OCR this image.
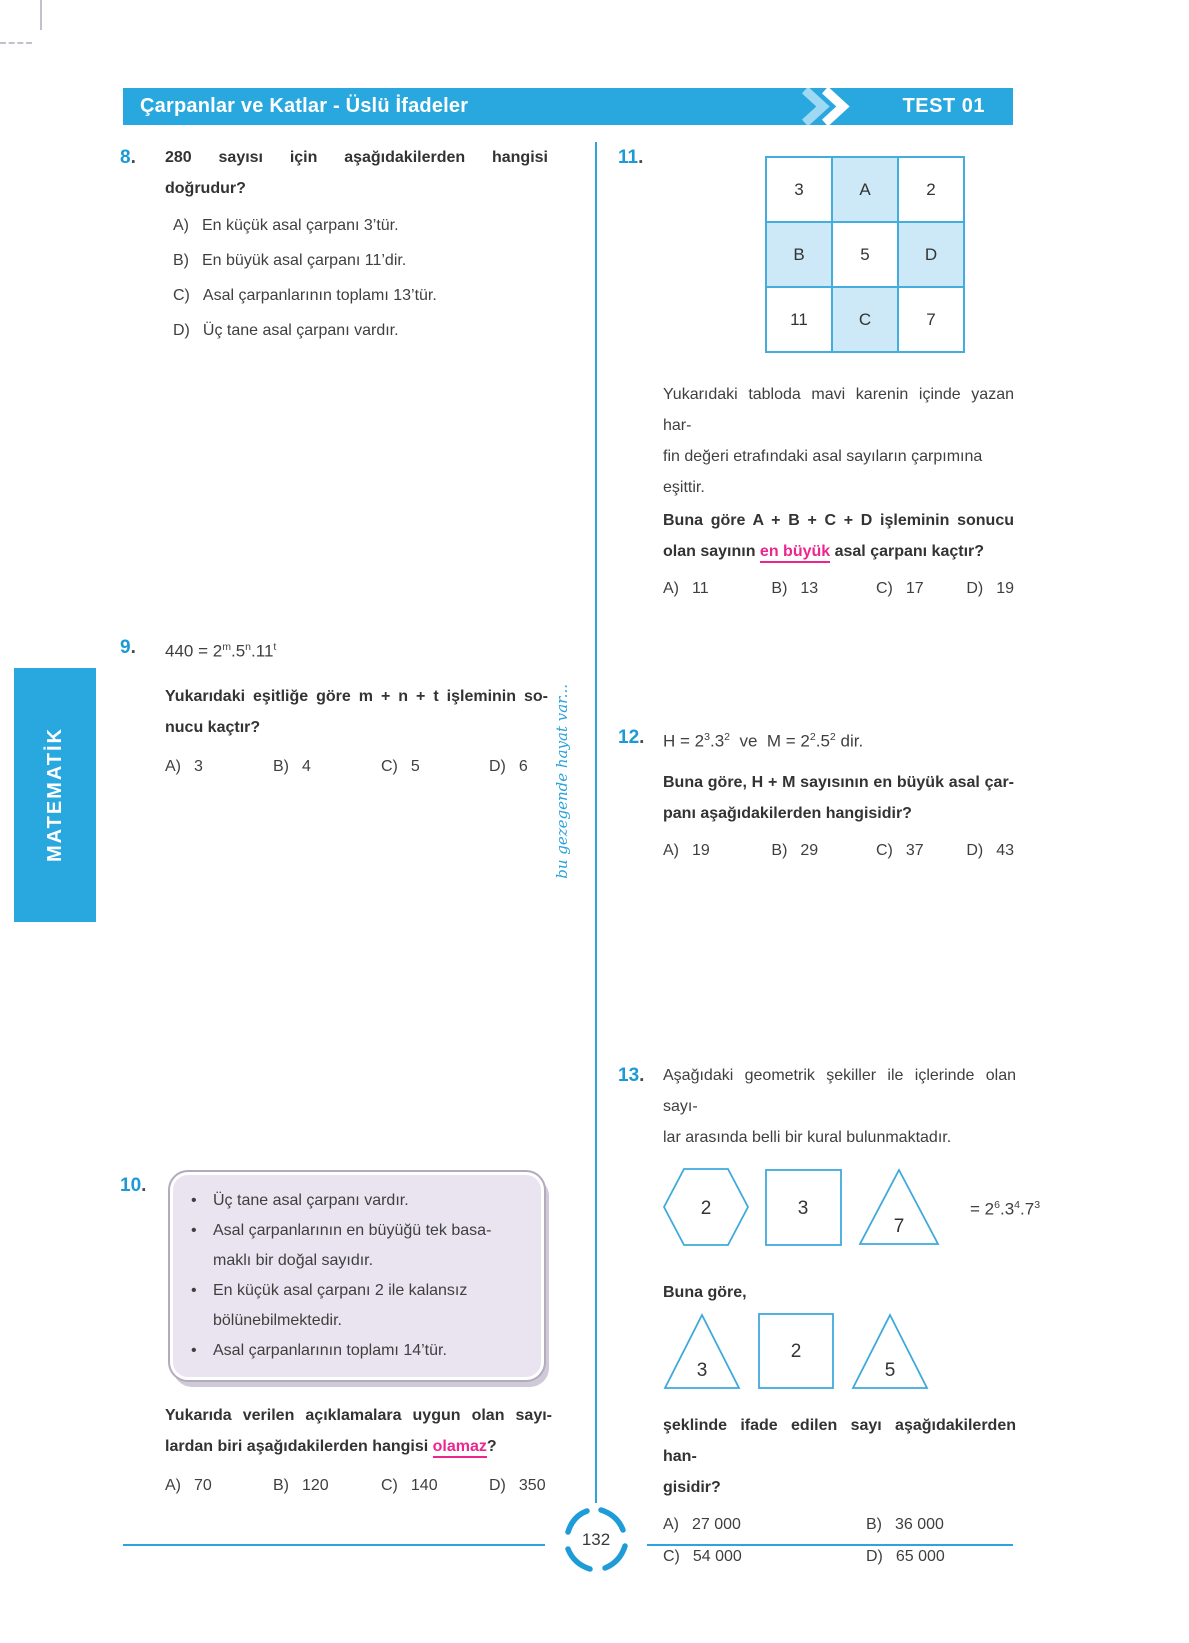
Çarpanlar ve Katlar - Üslü İfadeler	TEST 01
MATEMATİK	bu gezegende hayat var...
8. 280 sayısı için aşağıdakilerden hangisi
doğrudur?
A) En küçük asal çarpanı 3’tür.
B) En büyük asal çarpanı 11’dir.
C) Asal çarpanlarının toplamı 13’tür.
D) Üç tane asal çarpanı vardır.
9. $440 = 2^m.5^n.11^t$
Yukarıdaki eşitliğe göre m + n + t işleminin so-
nucu kaçtır?
A) 3	B) 4	C) 5	D) 6
10.
•	Üç tane asal çarpanı vardır.
•	Asal çarpanlarının en büyüğü tek basa-
maklı bir doğal sayıdır.
•	En küçük asal çarpanı 2 ile kalansız
bölünebilmektedir.
•	Asal çarpanlarının toplamı 14’tür.
Yukarıda verilen açıklamalara uygun olan sayı-
lardan biri aşağıdakilerden hangisi olamaz?
A) 70	B) 120	C) 140	D) 350
11.
3	A	2
B	5	D
11	C	7
Yukarıdaki tabloda mavi karenin içinde yazan har-
fin değeri etrafındaki asal sayıların çarpımına eşittir.
Buna göre A + B + C + D işleminin sonucu
olan sayının en büyük asal çarpanı kaçtır?
A) 11	B) 13	C) 17	D) 19
12. $H = 2^3.3^2$  ve  $M = 2^2.5^2$ dir.
Buna göre, H + M sayısının en büyük asal çar-
panı aşağıdakilerden hangisidir?
A) 19	B) 29	C) 37	D) 43
13. Aşağıdaki geometrik şekiller ile içlerinde olan sayı-
lar arasında belli bir kural bulunmaktadır.
2	3
7
= $2^6.3^4.7^3$
Buna göre,
3
2
5
şeklinde ifade edilen sayı aşağıdakilerden han-
gisidir?
A) 27 000	B) 36 000
C) 54 000	D) 65 000
132
